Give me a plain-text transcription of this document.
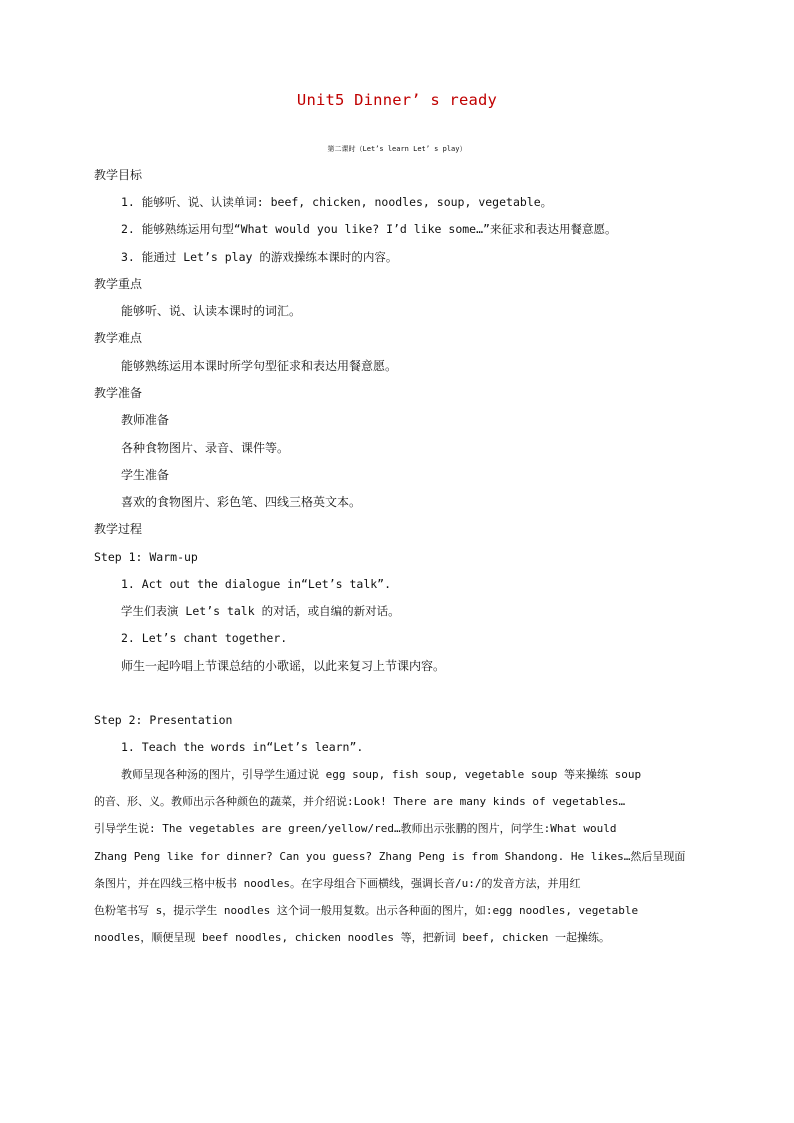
Unit5 Dinner’ s ready
第二课时（Let’s learn Let’ s play）
教学目标
1. 能够听、说、认读单词: beef, chicken, noodles, soup, vegetable。
2. 能够熟练运用句型“What would you like? I’d like some…”来征求和表达用餐意愿。
3. 能通过 Let’s play 的游戏操练本课时的内容。
教学重点
能够听、说、认读本课时的词汇。
教学难点
能够熟练运用本课时所学句型征求和表达用餐意愿。
教学准备
教师准备
各种食物图片、录音、课件等。
学生准备
喜欢的食物图片、彩色笔、四线三格英文本。
教学过程
Step 1: Warm-up
1. Act out the dialogue in“Let’s talk”.
学生们表演 Let’s talk 的对话，或自编的新对话。
2. Let’s chant together.
师生一起吟唱上节课总结的小歌谣，以此来复习上节课内容。
Step 2: Presentation
1. Teach the words in“Let’s learn”.
教师呈现各种汤的图片，引导学生通过说 egg soup, fish soup, vegetable soup 等来操练 soup
的音、形、义。教师出示各种颜色的蔬菜，并介绍说:Look! There are many kinds of vegetables…
引导学生说: The vegetables are green/yellow/red…教师出示张鹏的图片，问学生:What would
Zhang Peng like for dinner? Can you guess? Zhang Peng is from Shandong. He likes…然后呈现面
条图片，并在四线三格中板书 noodles。在字母组合下画横线，强调长音/u:/的发音方法，并用红
色粉笔书写 s，提示学生 noodles 这个词一般用复数。出示各种面的图片，如:egg noodles, vegetable
noodles，顺便呈现 beef noodles, chicken noodles 等，把新词 beef, chicken 一起操练。
